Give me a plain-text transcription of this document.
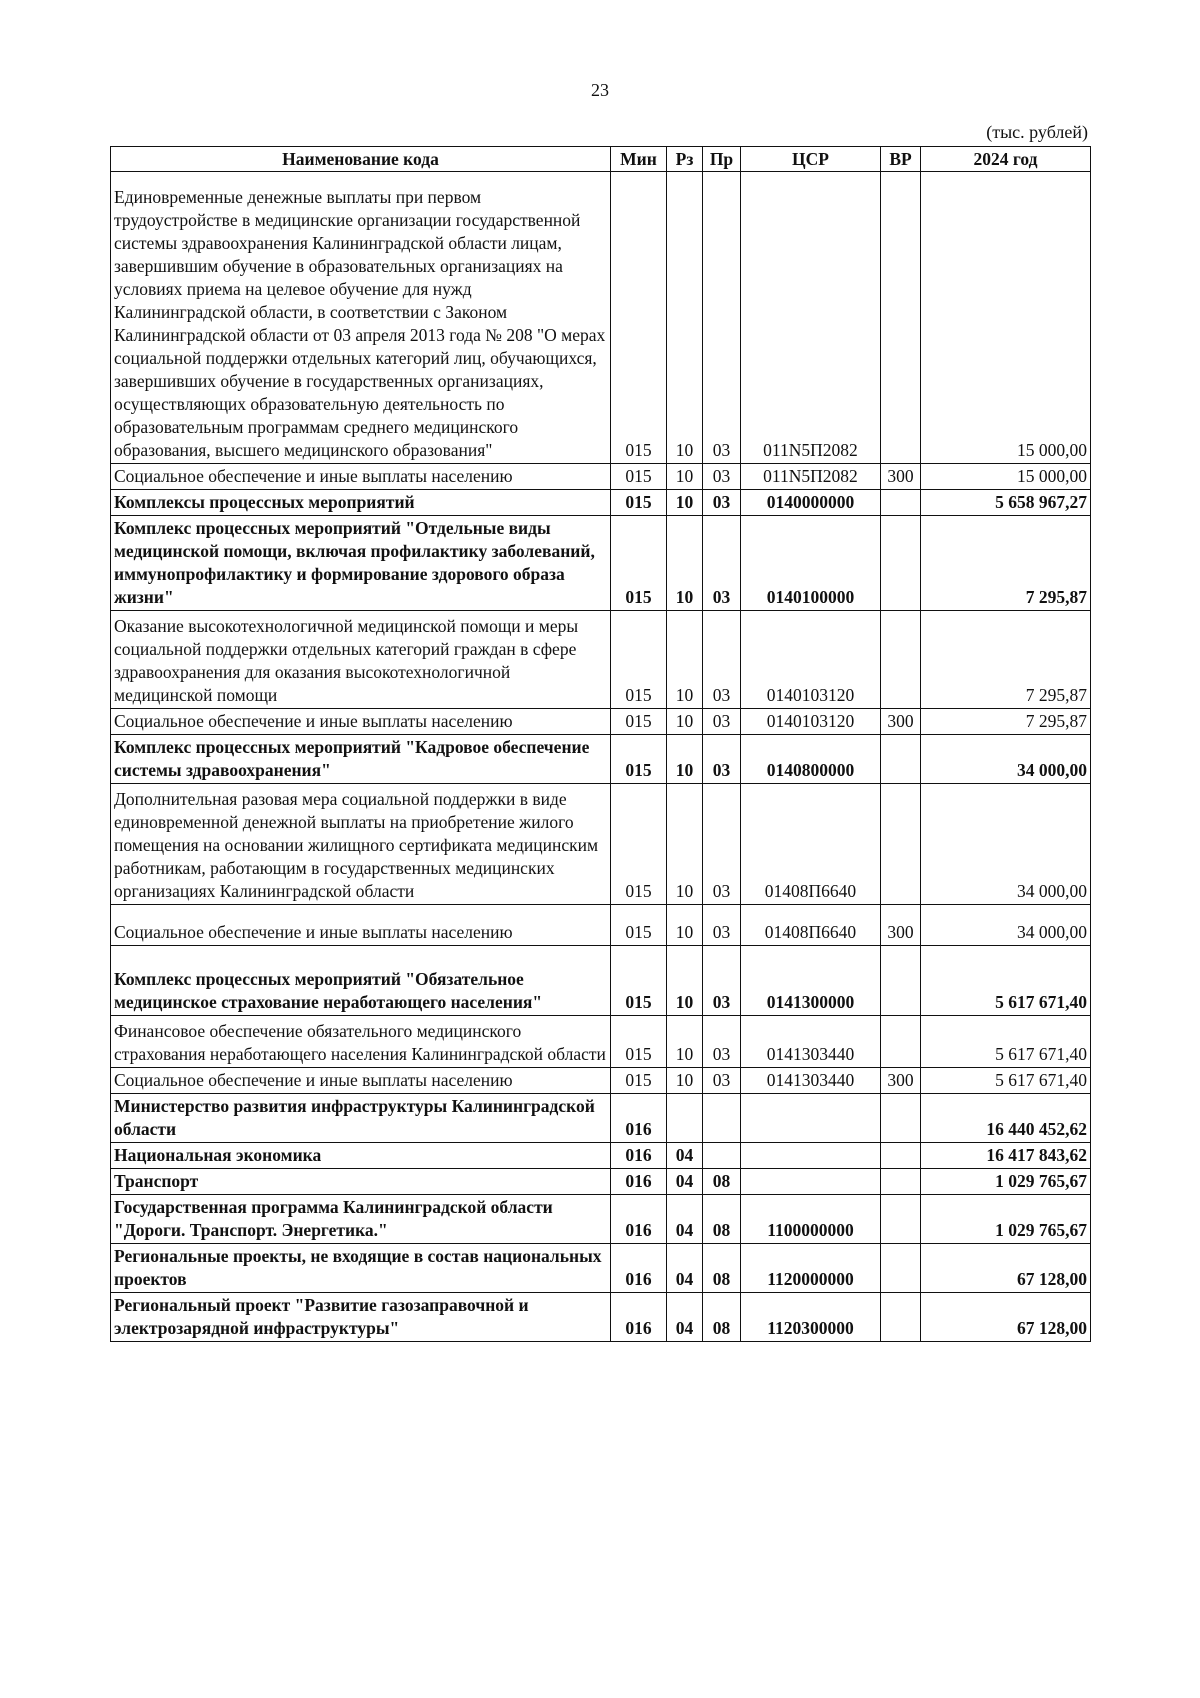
23
(тыс. рублей)
Наименование кода	Мин	Рз	Пр	ЦСР	ВР	2024 год
Единовременные денежные выплаты при первом трудоустройстве в медицинские организации государственной системы здравоохранения Калининградской области лицам, завершившим обучение в образовательных организациях на условиях приема на целевое обучение для нужд Калининградской области, в соответствии с Законом Калининградской области от 03 апреля 2013 года № 208 "О мерах социальной поддержки отдельных категорий лиц, обучающихся, завершивших обучение в государственных организациях, осуществляющих образовательную деятельность по образовательным программам среднего медицинского образования, высшего медицинского образования"	015	10	03	011N5П2082		15 000,00
Социальное обеспечение и иные выплаты населению	015	10	03	011N5П2082	300	15 000,00
Комплексы процессных мероприятий	015	10	03	0140000000		5 658 967,27
Комплекс процессных мероприятий "Отдельные виды медицинской помощи, включая профилактику заболеваний, иммунопрофилактику и формирование здорового образа жизни"	015	10	03	0140100000		7 295,87
Оказание высокотехнологичной медицинской помощи и меры социальной поддержки отдельных категорий граждан в сфере здравоохранения для оказания высокотехнологичной медицинской помощи	015	10	03	0140103120		7 295,87
Социальное обеспечение и иные выплаты населению	015	10	03	0140103120	300	7 295,87
Комплекс процессных мероприятий "Кадровое обеспечение системы здравоохранения"	015	10	03	0140800000		34 000,00
Дополнительная разовая мера социальной поддержки в виде единовременной денежной выплаты на приобретение жилого помещения на основании жилищного сертификата медицинским работникам, работающим в государственных медицинских организациях Калининградской области	015	10	03	01408П6640		34 000,00
Социальное обеспечение и иные выплаты населению	015	10	03	01408П6640	300	34 000,00
Комплекс процессных мероприятий "Обязательное медицинское страхование неработающего населения"	015	10	03	0141300000		5 617 671,40
Финансовое обеспечение обязательного медицинского страхования неработающего населения Калининградской области	015	10	03	0141303440		5 617 671,40
Социальное обеспечение и иные выплаты населению	015	10	03	0141303440	300	5 617 671,40
Министерство развития инфраструктуры Калининградской области	016					16 440 452,62
Национальная экономика	016	04				16 417 843,62
Транспорт	016	04	08			1 029 765,67
Государственная программа Калининградской области "Дороги. Транспорт. Энергетика."	016	04	08	1100000000		1 029 765,67
Региональные проекты, не входящие в состав национальных проектов	016	04	08	1120000000		67 128,00
Региональный проект "Развитие газозаправочной и электрозарядной инфраструктуры"	016	04	08	1120300000		67 128,00
